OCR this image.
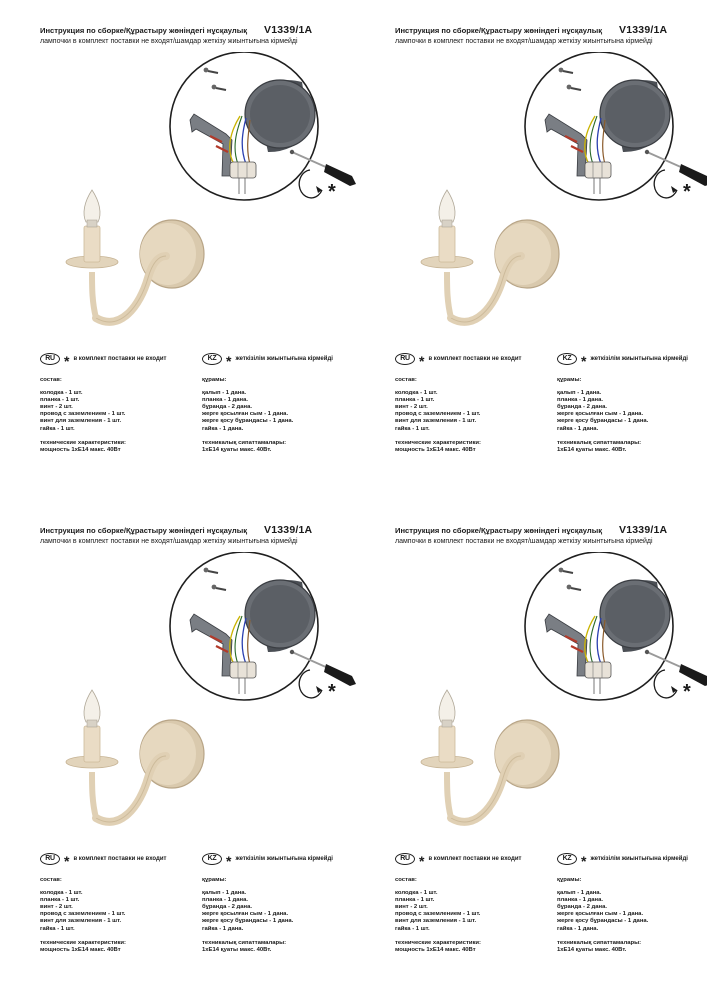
Инструкция по сборке/Құрастыру жөніндегі нұсқаулық	V1339/1A
лампочки в комплект поставки не входят/шамдар жеткізу жиынтығына кірмейді
*
RU * в комплект поставки не входит	KZ * жеткізілім жиынтығына кірмейді
состав:
колодка - 1 шт.
планка - 1 шт.
винт - 2 шт.
провод с заземлением - 1 шт.
винт для заземления - 1 шт.
гайка - 1 шт.
технические характеристики:
мощность 1хЕ14 макс. 40Вт
құрамы:
қалып - 1 дана.
планка - 1 дана.
бұранда - 2 дана.
жерге қосылған сым - 1 дана.
жерге қосу бұрандасы - 1 дана.
гайка - 1 дана.
техникалық сипаттамалары:
1хЕ14 қуаты макс. 40Вт.
Инструкция по сборке/Құрастыру жөніндегі нұсқаулық	V1339/1A
лампочки в комплект поставки не входят/шамдар жеткізу жиынтығына кірмейді
*
RU * в комплект поставки не входит	KZ * жеткізілім жиынтығына кірмейді
состав:
колодка - 1 шт.
планка - 1 шт.
винт - 2 шт.
провод с заземлением - 1 шт.
винт для заземления - 1 шт.
гайка - 1 шт.
технические характеристики:
мощность 1хЕ14 макс. 40Вт
құрамы:
қалып - 1 дана.
планка - 1 дана.
бұранда - 2 дана.
жерге қосылған сым - 1 дана.
жерге қосу бұрандасы - 1 дана.
гайка - 1 дана.
техникалық сипаттамалары:
1хЕ14 қуаты макс. 40Вт.
Инструкция по сборке/Құрастыру жөніндегі нұсқаулық	V1339/1A
лампочки в комплект поставки не входят/шамдар жеткізу жиынтығына кірмейді
*
RU * в комплект поставки не входит	KZ * жеткізілім жиынтығына кірмейді
состав:
колодка - 1 шт.
планка - 1 шт.
винт - 2 шт.
провод с заземлением - 1 шт.
винт для заземления - 1 шт.
гайка - 1 шт.
технические характеристики:
мощность 1хЕ14 макс. 40Вт
құрамы:
қалып - 1 дана.
планка - 1 дана.
бұранда - 2 дана.
жерге қосылған сым - 1 дана.
жерге қосу бұрандасы - 1 дана.
гайка - 1 дана.
техникалық сипаттамалары:
1хЕ14 қуаты макс. 40Вт.
Инструкция по сборке/Құрастыру жөніндегі нұсқаулық	V1339/1A
лампочки в комплект поставки не входят/шамдар жеткізу жиынтығына кірмейді
*
RU * в комплект поставки не входит	KZ * жеткізілім жиынтығына кірмейді
состав:
колодка - 1 шт.
планка - 1 шт.
винт - 2 шт.
провод с заземлением - 1 шт.
винт для заземления - 1 шт.
гайка - 1 шт.
технические характеристики:
мощность 1хЕ14 макс. 40Вт
құрамы:
қалып - 1 дана.
планка - 1 дана.
бұранда - 2 дана.
жерге қосылған сым - 1 дана.
жерге қосу бұрандасы - 1 дана.
гайка - 1 дана.
техникалық сипаттамалары:
1хЕ14 қуаты макс. 40Вт.
